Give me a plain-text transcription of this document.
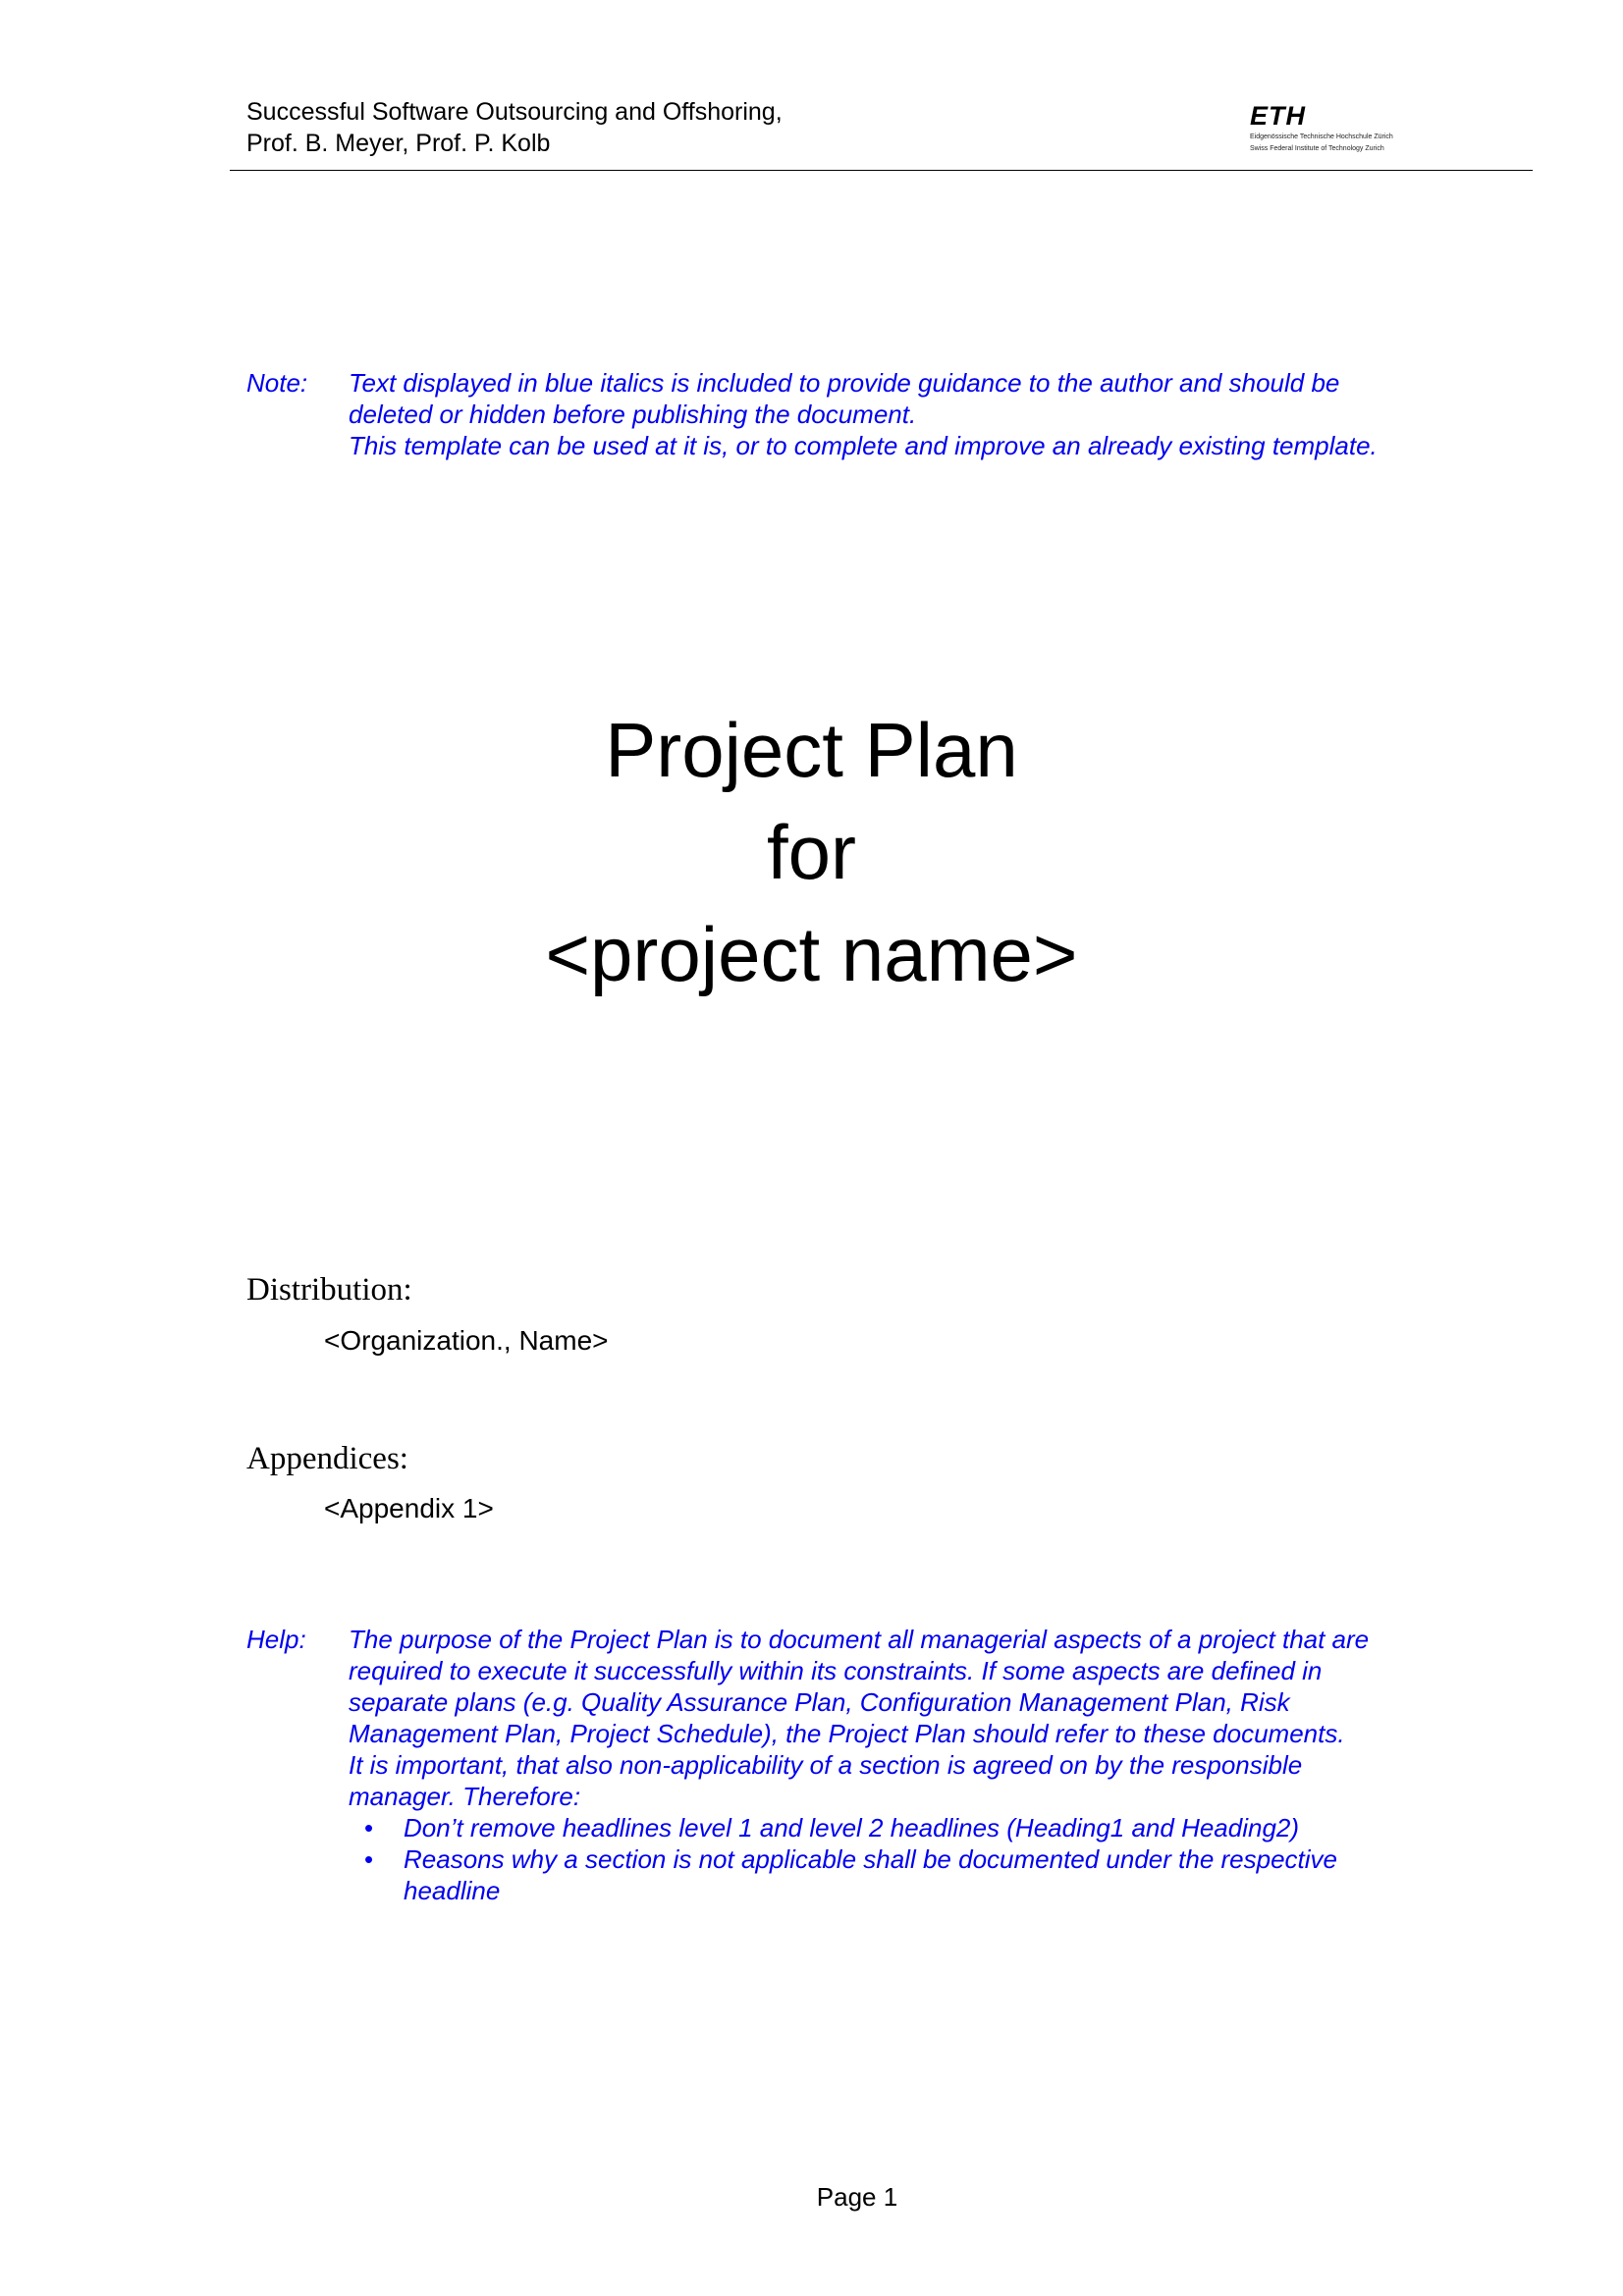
Successful Software Outsourcing and Offshoring,
Prof. B. Meyer, Prof. P. Kolb
ETH
Eidgenössische Technische Hochschule Zürich
Swiss Federal Institute of Technology Zurich
Note: Text displayed in blue italics is included to provide guidance to the author and should be deleted or hidden before publishing the document.

This template can be used at it is, or to complete and improve an already existing template.

Project Plan
for
<project name>
Distribution:
<Organization., Name>
Appendices:
<Appendix 1>
Help: The purpose of the Project Plan is to document all managerial aspects of a project that are required to execute it successfully within its constraints. If some aspects are defined in separate plans (e.g. Quality Assurance Plan, Configuration Management Plan, Risk Management Plan, Project Schedule), the Project Plan should refer to these documents.

It is important, that also non-applicability of a section is agreed on by the responsible manager. Therefore:

• Don’t remove headlines level 1 and level 2 headlines (Heading1 and Heading2)
• Reasons why a section is not applicable shall be documented under the respective headline
Page 1
